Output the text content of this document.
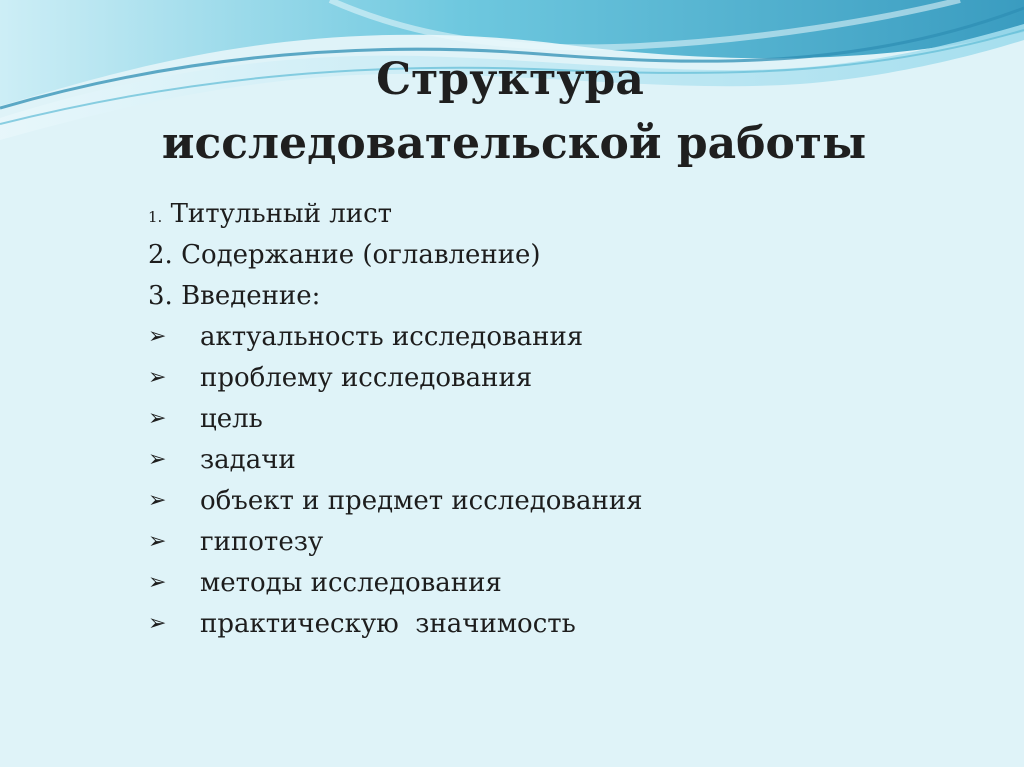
Структура
исследовательской работы
1. Титульный лист
2. Содержание (оглавление)
3. Введение:
➢	актуальность исследования
➢	проблему исследования
➢	цель
➢	задачи
➢	объект и предмет исследования
➢	гипотезу
➢	методы исследования
➢	практическую  значимость
